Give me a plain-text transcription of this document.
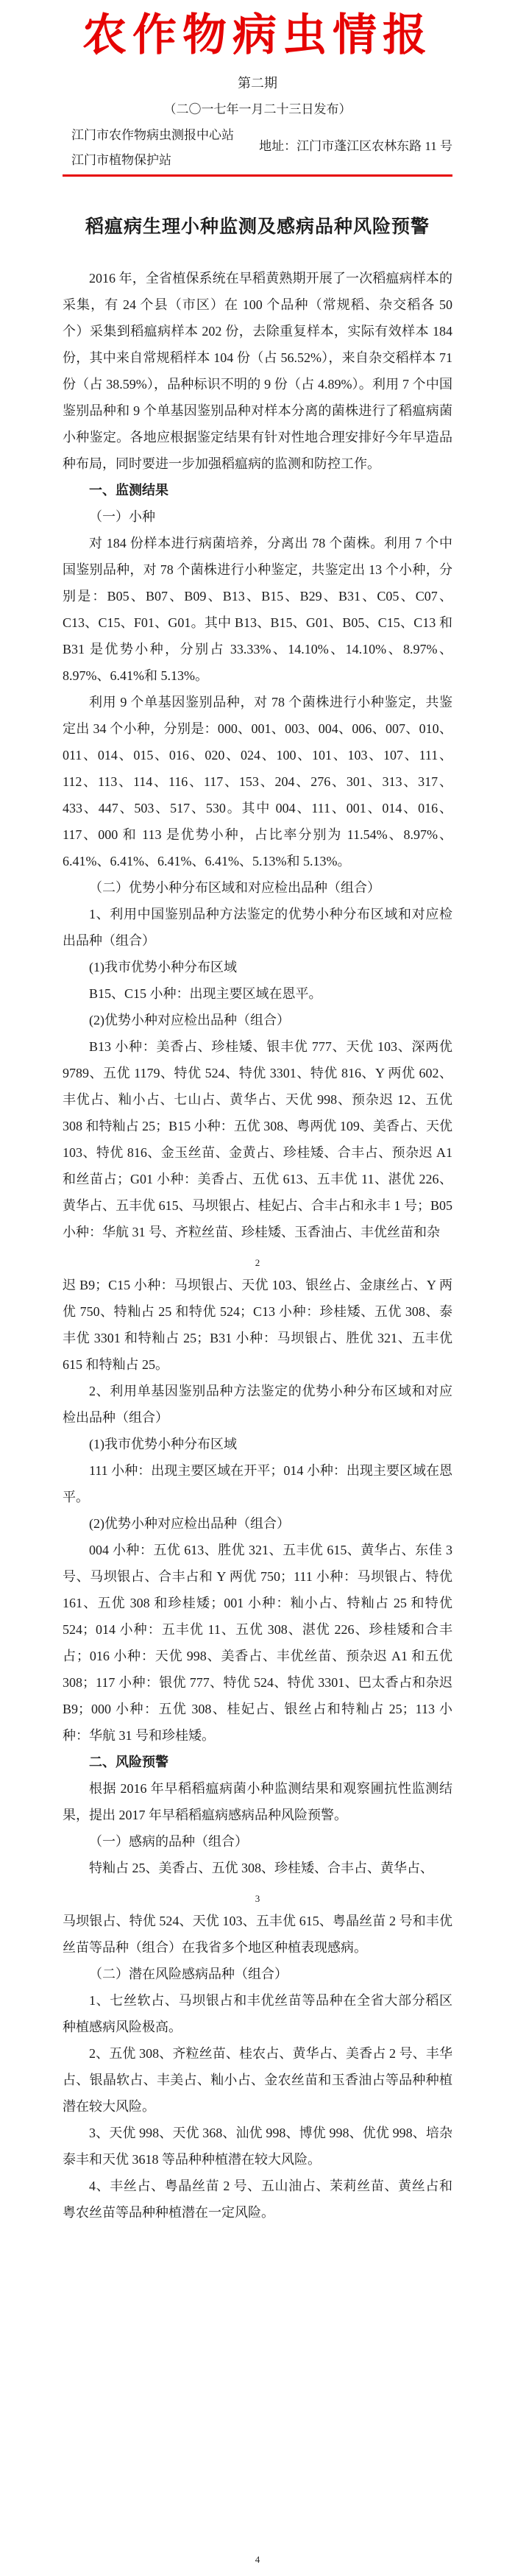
农作物病虫情报
第二期
（二〇一七年一月二十三日发布）
江门市农作物病虫测报中心站
江门市植物保护站
地址：江门市蓬江区农林东路 11 号
稻瘟病生理小种监测及感病品种风险预警

2016 年，全省植保系统在早稻黄熟期开展了一次稻瘟病样本的采集，有 24 个县（市区）在 100 个品种（常规稻、杂交稻各 50 个）采集到稻瘟病样本 202 份，去除重复样本，实际有效样本 184 份，其中来自常规稻样本 104 份（占 56.52%），来自杂交稻样本 71 份（占 38.59%），品种标识不明的 9 份（占 4.89%）。利用 7 个中国鉴别品种和 9 个单基因鉴别品种对样本分离的菌株进行了稻瘟病菌小种鉴定。各地应根据鉴定结果有针对性地合理安排好今年早造品种布局，同时要进一步加强稻瘟病的监测和防控工作。

一、监测结果

（一）小种

对 184 份样本进行病菌培养，分离出 78 个菌株。利用 7 个中国鉴别品种，对 78 个菌株进行小种鉴定，共鉴定出 13 个小种，分别是：B05、B07、B09、B13、B15、B29、B31、C05、C07、C13、C15、F01、G01。其中 B13、B15、G01、B05、C15、C13 和 B31 是优势小种，分别占 33.33%、14.10%、14.10%、8.97%、8.97%、6.41%和 5.13%。

利用 9 个单基因鉴别品种，对 78 个菌株进行小种鉴定，共鉴定出 34 个小种，分别是：000、001、003、004、006、007、010、011、014、015、016、020、024、100、101、103、107、111、112、113、114、116、117、153、204、276、301、313、317、433、447、503、517、530。其中 004、111、001、014、016、117、000 和 113 是优势小种，占比率分别为 11.54%、8.97%、6.41%、6.41%、6.41%、6.41%、5.13%和 5.13%。

（二）优势小种分布区域和对应检出品种（组合）

1、利用中国鉴别品种方法鉴定的优势小种分布区域和对应检出品种（组合）

(1)我市优势小种分布区域

B15、C15 小种：出现主要区域在恩平。

(2)优势小种对应检出品种（组合）

B13 小种：美香占、珍桂矮、银丰优 777、天优 103、深两优 9789、五优 1179、特优 524、特优 3301、特优 816、Y 两优 602、丰优占、籼小占、七山占、黄华占、天优 998、预杂迟 12、五优 308 和特籼占 25；B15 小种：五优 308、粤两优 109、美香占、天优 103、特优 816、金玉丝苗、金黄占、珍桂矮、合丰占、预杂迟 A1 和丝苗占；G01 小种：美香占、五优 613、五丰优 11、湛优 226、黄华占、五丰优 615、马坝银占、桂妃占、合丰占和永丰 1 号；B05 小种：华航 31 号、齐粒丝苗、珍桂矮、玉香油占、丰优丝苗和杂

2

迟 B9；C15 小种：马坝银占、天优 103、银丝占、金康丝占、Y 两优 750、特籼占 25 和特优 524；C13 小种：珍桂矮、五优 308、泰丰优 3301 和特籼占 25；B31 小种：马坝银占、胜优 321、五丰优 615 和特籼占 25。

2、利用单基因鉴别品种方法鉴定的优势小种分布区域和对应检出品种（组合）

(1)我市优势小种分布区域

111 小种：出现主要区域在开平；014 小种：出现主要区域在恩平。

(2)优势小种对应检出品种（组合）

004 小种：五优 613、胜优 321、五丰优 615、黄华占、东佳 3 号、马坝银占、合丰占和 Y 两优 750；111 小种：马坝银占、特优 161、五优 308 和珍桂矮；001 小种：籼小占、特籼占 25 和特优 524；014 小种：五丰优 11、五优 308、湛优 226、珍桂矮和合丰占；016 小种：天优 998、美香占、丰优丝苗、预杂迟 A1 和五优 308；117 小种：银优 777、特优 524、特优 3301、巴太香占和杂迟 B9；000 小种：五优 308、桂妃占、银丝占和特籼占 25；113 小种：华航 31 号和珍桂矮。

二、风险预警

根据 2016 年早稻稻瘟病菌小种监测结果和观察圃抗性监测结果，提出 2017 年早稻稻瘟病感病品种风险预警。

（一）感病的品种（组合）

特籼占 25、美香占、五优 308、珍桂矮、合丰占、黄华占、

3

马坝银占、特优 524、天优 103、五丰优 615、粤晶丝苗 2 号和丰优丝苗等品种（组合）在我省多个地区种植表现感病。

（二）潜在风险感病品种（组合）

1、七丝软占、马坝银占和丰优丝苗等品种在全省大部分稻区种植感病风险极高。

2、五优 308、齐粒丝苗、桂农占、黄华占、美香占 2 号、丰华占、银晶软占、丰美占、籼小占、金农丝苗和玉香油占等品种种植潜在较大风险。

3、天优 998、天优 368、汕优 998、博优 998、优优 998、培杂泰丰和天优 3618 等品种种植潜在较大风险。

4、丰丝占、粤晶丝苗 2 号、五山油占、茉莉丝苗、黄丝占和粤农丝苗等品种种植潜在一定风险。

4
